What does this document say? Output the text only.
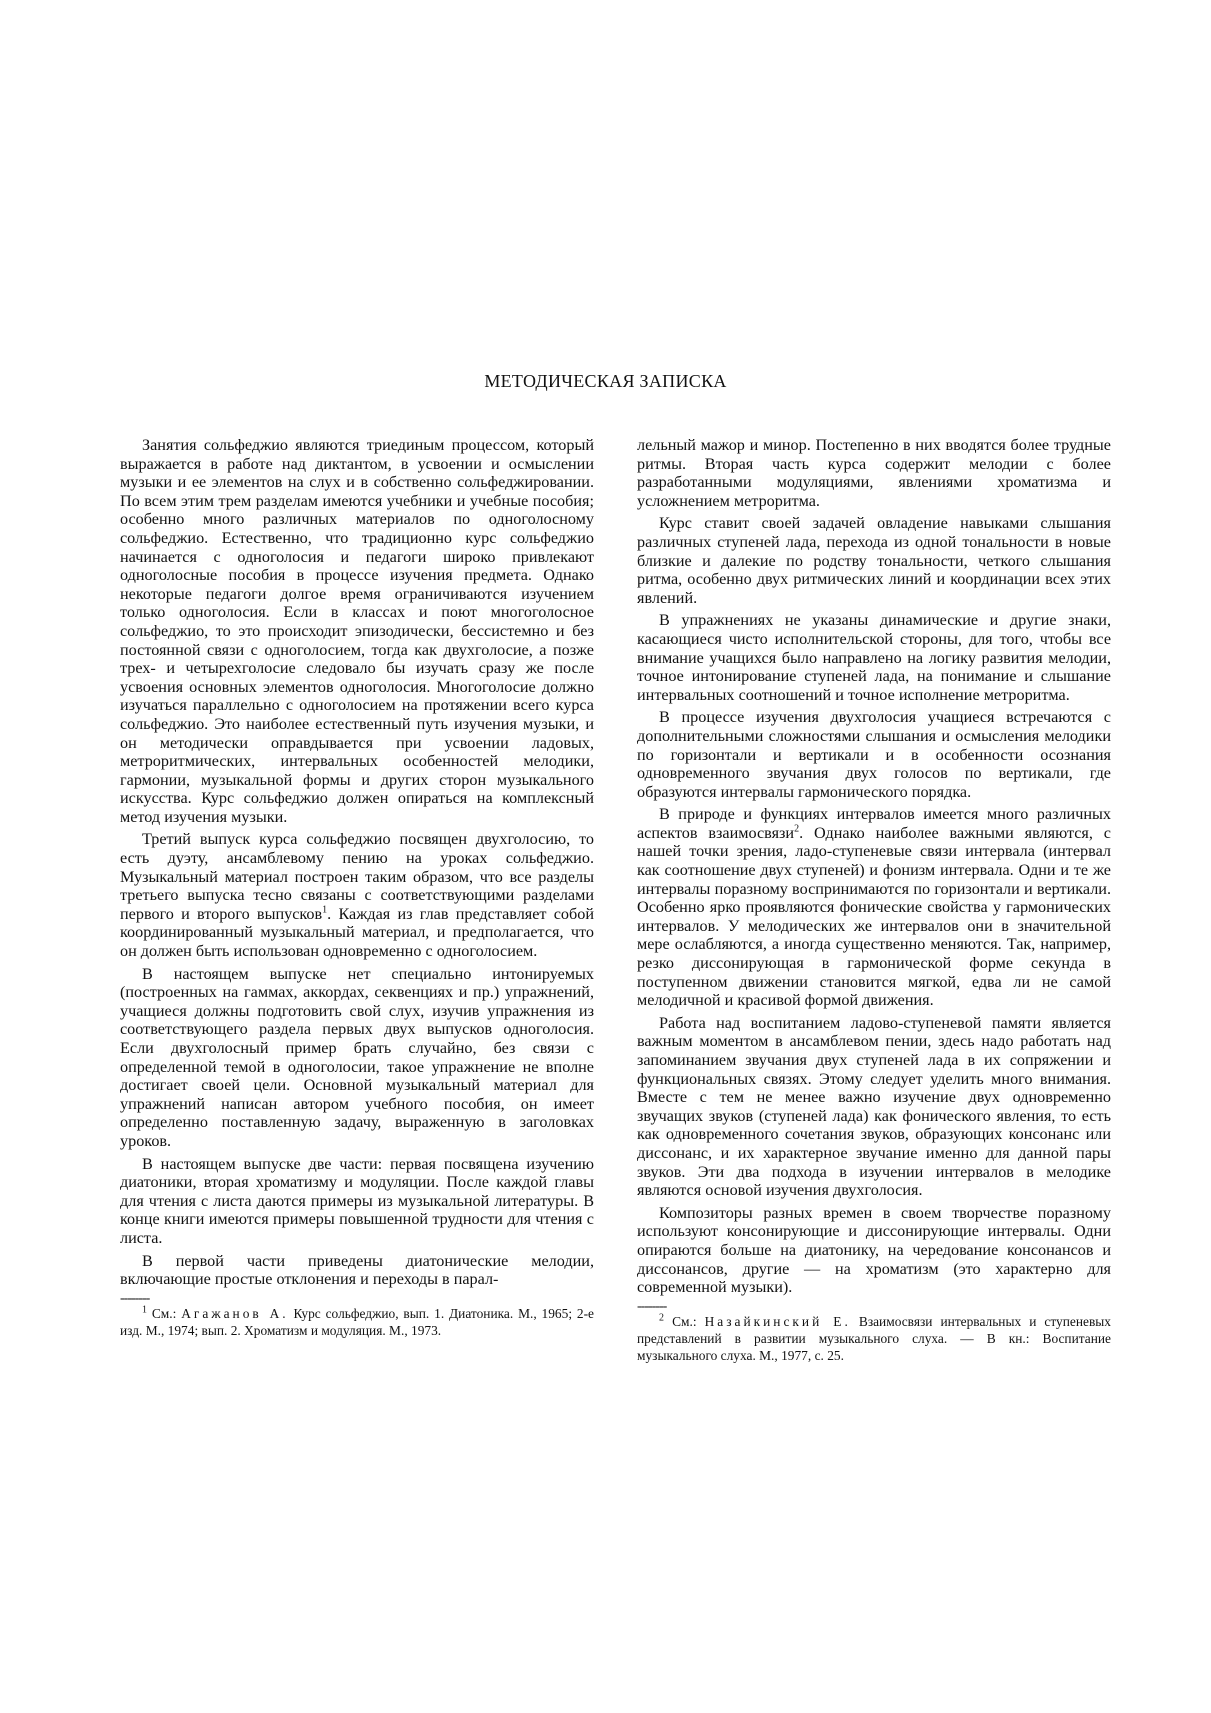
МЕТОДИЧЕСКАЯ ЗАПИСКА

Занятия сольфеджио являются триединым процессом, который выражается в работе над диктантом, в усвоении и осмыслении музыки и ее элементов на слух и в собственно сольфеджировании. По всем этим трем разделам имеются учебники и учебные пособия; особенно много различных материалов по одноголосному сольфеджио. Естественно, что традиционно курс сольфеджио начинается с одноголосия и педагоги широко привлекают одноголосные пособия в процессе изучения предмета. Однако некоторые педагоги долгое время ограничиваются изучением только одноголосия. Если в классах и поют многоголосное сольфеджио, то это происходит эпизодически, бессистемно и без постоянной связи с одноголосием, тогда как двухголосие, а позже трех- и четырехголосие следовало бы изучать сразу же после усвоения основных элементов одноголосия. Многоголосие должно изучаться параллельно с одноголосием на протяжении всего курса сольфеджио. Это наиболее естественный путь изучения музыки, и он методически оправдывается при усвоении ладовых, метроритмических, интервальных особенностей мелодики, гармонии, музыкальной формы и других сторон музыкального искусства. Курс сольфеджио должен опираться на комплексный метод изучения музыки.

Третий выпуск курса сольфеджио посвящен двухголосию, то есть дуэту, ансамблевому пению на уроках сольфеджио. Музыкальный материал построен таким образом, что все разделы третьего выпуска тесно связаны с соответствующими разделами первого и второго выпусков$^1$. Каждая из глав представляет собой координированный музыкальный материал, и предполагается, что он должен быть использован одновременно с одноголосием.

В настоящем выпуске нет специально интонируемых (построенных на гаммах, аккордах, секвенциях и пр.) упражнений, учащиеся должны подготовить свой слух, изучив упражнения из соответствующего раздела первых двух выпусков одноголосия. Если двухголосный пример брать случайно, без связи с определенной темой в одноголосии, такое упражнение не вполне достигает своей цели. Основной музыкальный материал для упражнений написан автором учебного пособия, он имеет определенно поставленную задачу, выраженную в заголовках уроков.

В настоящем выпуске две части: первая посвящена изучению диатоники, вторая хроматизму и модуляции. После каждой главы для чтения с листа даются примеры из музыкальной литературы. В конце книги имеются примеры повышенной трудности для чтения с листа.

В первой части приведены диатонические мелодии, включающие простые отклонения и переходы в парал-

--------

$^1$ См.: Агажанов А. Курс сольфеджио, вып. 1. Диатоника. М., 1965; 2-е изд. М., 1974; вып. 2. Хроматизм и модуляция. М., 1973.

лельный мажор и минор. Постепенно в них вводятся более трудные ритмы. Вторая часть курса содержит мелодии с более разработанными модуляциями, явлениями хроматизма и усложнением метроритма.

Курс ставит своей задачей овладение навыками слышания различных ступеней лада, перехода из одной тональности в новые близкие и далекие по родству тональности, четкого слышания ритма, особенно двух ритмических линий и координации всех этих явлений.

В упражнениях не указаны динамические и другие знаки, касающиеся чисто исполнительской стороны, для того, чтобы все внимание учащихся было направлено на логику развития мелодии, точное интонирование ступеней лада, на понимание и слышание интервальных соотношений и точное исполнение метроритма.

В процессе изучения двухголосия учащиеся встречаются с дополнительными сложностями слышания и осмысления мелодики по горизонтали и вертикали и в особенности осознания одновременного звучания двух голосов по вертикали, где образуются интервалы гармонического порядка.

В природе и функциях интервалов имеется много различных аспектов взаимосвязи$^2$. Однако наиболее важными являются, с нашей точки зрения, ладо-ступеневые связи интервала (интервал как соотношение двух ступеней) и фонизм интервала. Одни и те же интервалы поразному воспринимаются по горизонтали и вертикали. Особенно ярко проявляются фонические свойства у гармонических интервалов. У мелодических же интервалов они в значительной мере ослабляются, а иногда существенно меняются. Так, например, резко диссонирующая в гармонической форме секунда в поступенном движении становится мягкой, едва ли не самой мелодичной и красивой формой движения.

Работа над воспитанием ладово-ступеневой памяти является важным моментом в ансамблевом пении, здесь надо работать над запоминанием звучания двух ступеней лада в их сопряжении и функциональных связях. Этому следует уделить много внимания. Вместе с тем не менее важно изучение двух одновременно звучащих звуков (ступеней лада) как фонического явления, то есть как одновременного сочетания звуков, образующих консонанс или диссонанс, и их характерное звучание именно для данной пары звуков. Эти два подхода в изучении интервалов в мелодике являются основой изучения двухголосия.

Композиторы разных времен в своем творчестве поразному используют консонирующие и диссонирующие интервалы. Одни опираются больше на диатонику, на чередование консонансов и диссонансов, другие — на хроматизм (это характерно для современной музыки).

--------

$^2$ См.: Назайкинский Е. Взаимосвязи интервальных и ступеневых представлений в развитии музыкального слуха. — В кн.: Воспитание музыкального слуха. М., 1977, с. 25.
